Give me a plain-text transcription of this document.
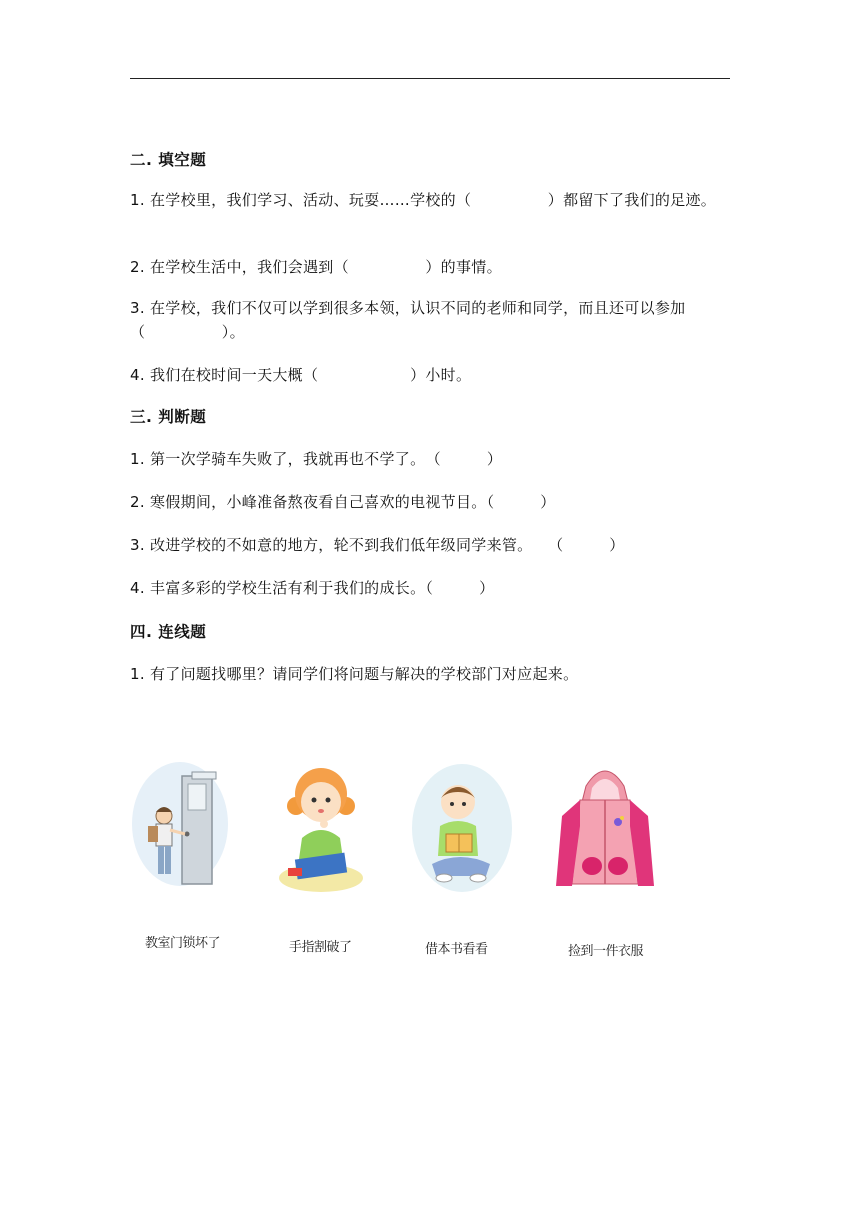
二. 填空题
1. 在学校里，我们学习、活动、玩耍……学校的（　　　　　）都留下了我们的足迹。
2. 在学校生活中，我们会遇到（　　　　　）的事情。
3. 在学校，我们不仅可以学到很多本领，认识不同的老师和同学，而且还可以参加（　　　　　）。
4. 我们在校时间一天大概（　　　　　　）小时。
三. 判断题
1. 第一次学骑车失败了，我就再也不学了。　（　　　）
2. 寒假期间，小峰准备熬夜看自己喜欢的电视节目。（　　　）
3. 改进学校的不如意的地方，轮不到我们低年级同学来管。　　（　　　）
4. 丰富多彩的学校生活有利于我们的成长。（　　　）
四. 连线题
1. 有了问题找哪里？请同学们将问题与解决的学校部门对应起来。
教室门锁坏了	手指割破了	借本书看看	捡到一件衣服
